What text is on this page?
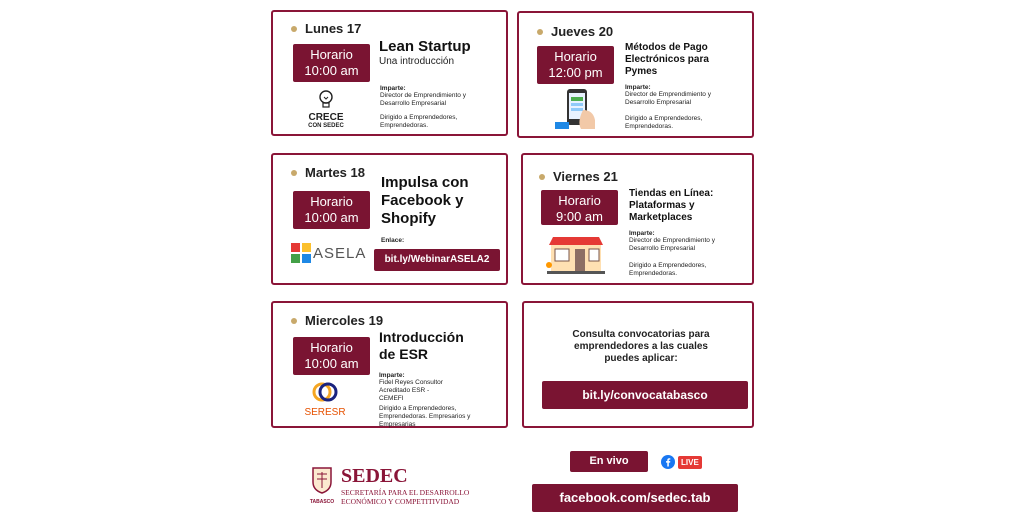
Lunes 17
Horario
10:00 am
Lean Startup
Una introducción
Imparte:
Director de Emprendimiento y Desarrollo Empresarial
Dirigido a Emprendedores, Emprendedoras.
CRECE
CON SEDEC
Jueves 20
Horario
12:00 pm
Métodos de Pago Electrónicos para Pymes
Imparte:
Director de Emprendimiento y Desarrollo Empresarial
Dirigido a Emprendedores, Emprendedoras.
Martes 18
Horario
10:00 am
Impulsa con Facebook y Shopify
Enlace:
bit.ly/WebinarASELA2
ASELA
Viernes 21
Horario
9:00 am
Tiendas en Línea: Plataformas y Marketplaces
Imparte:
Director de Emprendimiento y Desarrollo Empresarial
Dirigido a Emprendedores, Emprendedoras.
Miercoles 19
Horario
10:00 am
Introducción de ESR
Imparte:
Fidel Reyes Consultor Acreditado ESR - CEMEFI
Dirigido a Emprendedores, Emprendedoras. Empresarios y Empresarias
SERESR
Consulta convocatorias para emprendedores a las cuales puedes aplicar:
bit.ly/convocatabasco
TABASCO
SEDEC
SECRETARÍA PARA EL DESARROLLO
ECONÓMICO Y COMPETITIVIDAD
En vivo	LIVE
facebook.com/sedec.tab
